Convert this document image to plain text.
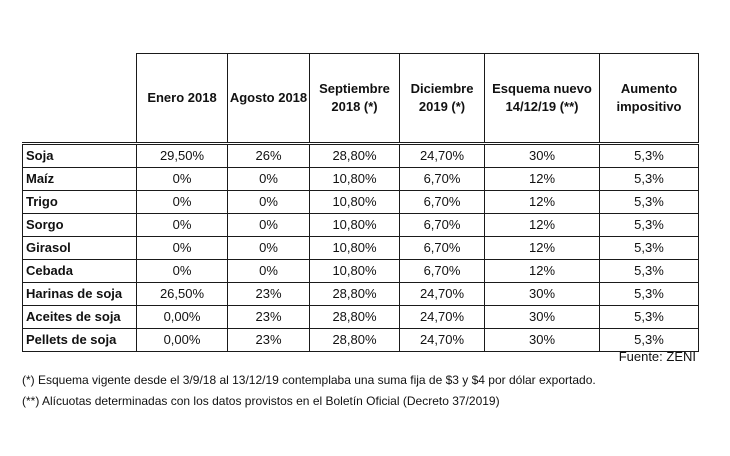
	Enero 2018	Agosto 2018	Septiembre 2018 (*)	Diciembre 2019 (*)	Esquema nuevo 14/12/19 (**)	Aumento impositivo
Soja	29,50%	26%	28,80%	24,70%	30%	5,3%
Maíz	0%	0%	10,80%	6,70%	12%	5,3%
Trigo	0%	0%	10,80%	6,70%	12%	5,3%
Sorgo	0%	0%	10,80%	6,70%	12%	5,3%
Girasol	0%	0%	10,80%	6,70%	12%	5,3%
Cebada	0%	0%	10,80%	6,70%	12%	5,3%
Harinas de soja	26,50%	23%	28,80%	24,70%	30%	5,3%
Aceites de soja	0,00%	23%	28,80%	24,70%	30%	5,3%
Pellets de soja	0,00%	23%	28,80%	24,70%	30%	5,3%
Fuente: ZENI
(*) Esquema vigente desde el 3/9/18 al 13/12/19 contemplaba una suma fija de $3 y $4 por dólar exportado.
(**) Alícuotas determinadas con los datos provistos en el Boletín Oficial (Decreto 37/2019)
